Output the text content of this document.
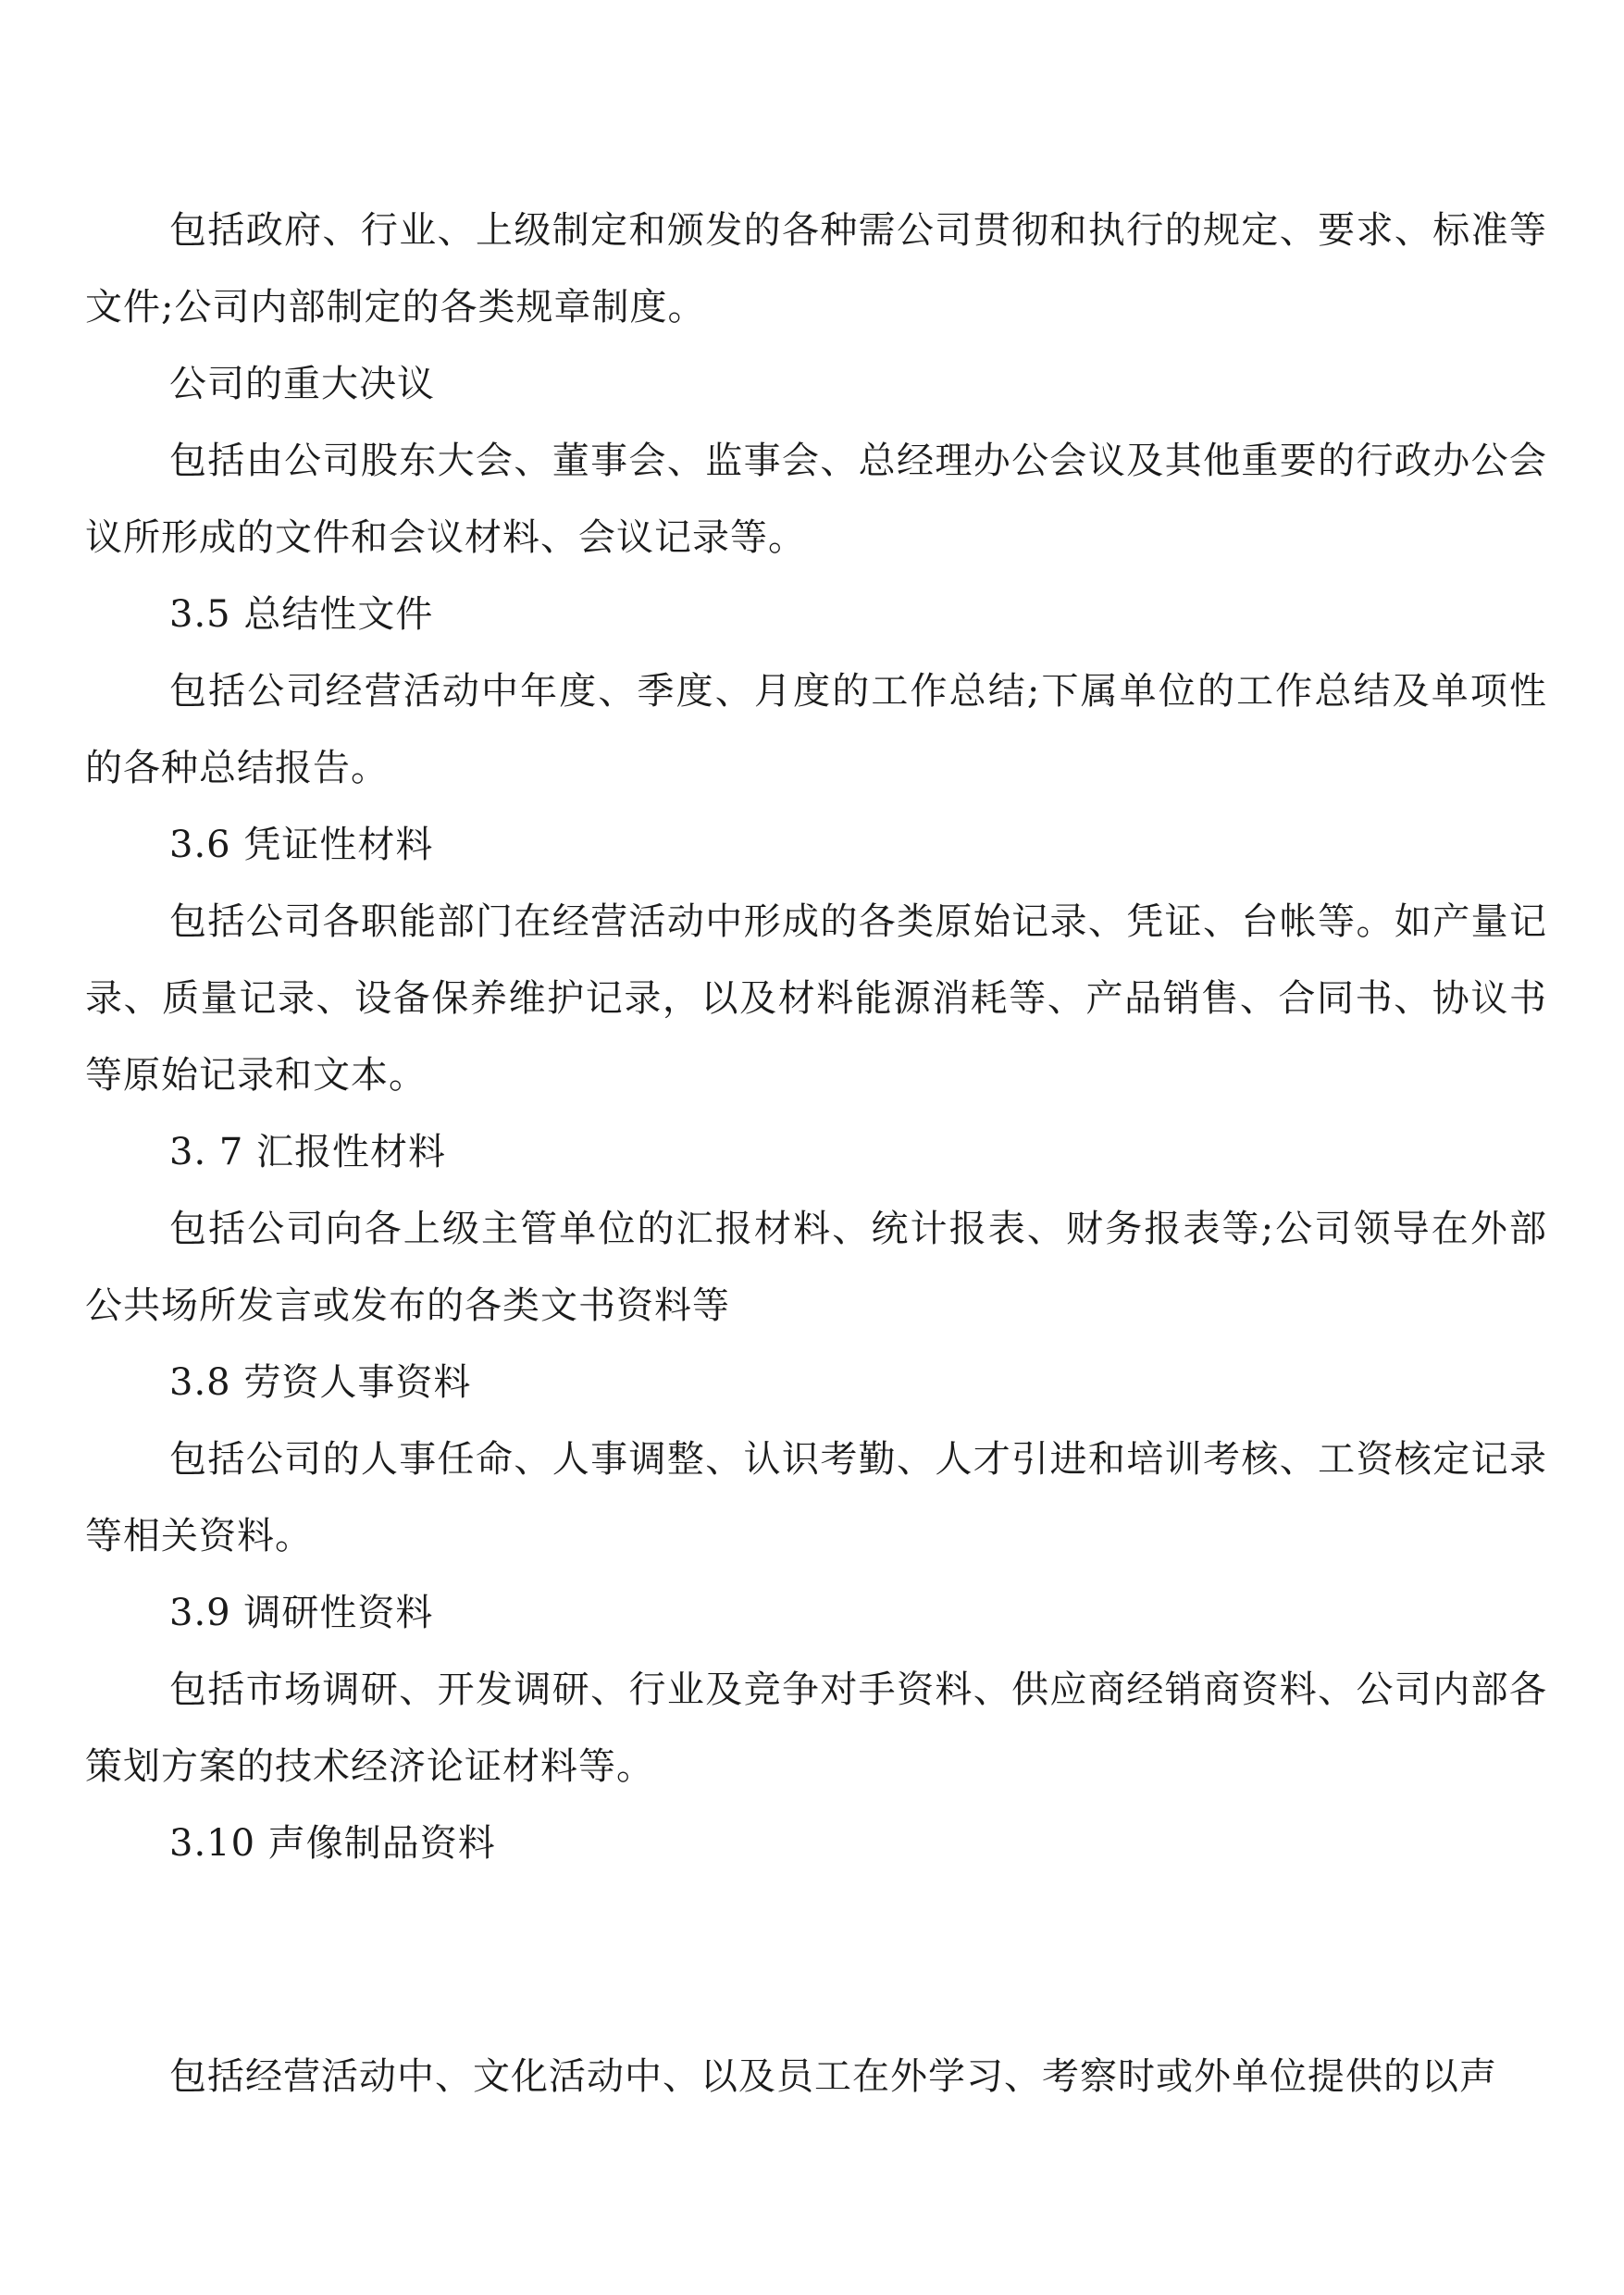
包括政府、行业、上级制定和颁发的各种需公司贯彻和执行的规定、要求、标准等
文件;公司内部制定的各类规章制度。
公司的重大决议
包括由公司股东大会、董事会、监事会、总经理办公会议及其他重要的行政办公会
议所形成的文件和会议材料、会议记录等。
3.5 总结性文件
包括公司经营活动中年度、季度、月度的工作总结;下属单位的工作总结及单项性
的各种总结报告。
3.6 凭证性材料
包括公司各职能部门在经营活动中形成的各类原始记录、凭证、台帐等。如产量记
录、质量记录、设备保养维护记录，以及材料能源消耗等、产品销售、合同书、协议书
等原始记录和文本。
3. 7 汇报性材料
包括公司向各上级主管单位的汇报材料、统计报表、财务报表等;公司领导在外部
公共场所发言或发布的各类文书资料等
3.8 劳资人事资料
包括公司的人事任命、人事调整、认识考勤、人才引进和培训考核、工资核定记录
等相关资料。
3.9 调研性资料
包括市场调研、开发调研、行业及竞争对手资料、供应商经销商资料、公司内部各
策划方案的技术经济论证材料等。
3.10 声像制品资料
包括经营活动中、文化活动中、以及员工在外学习、考察时或外单位提供的以声
